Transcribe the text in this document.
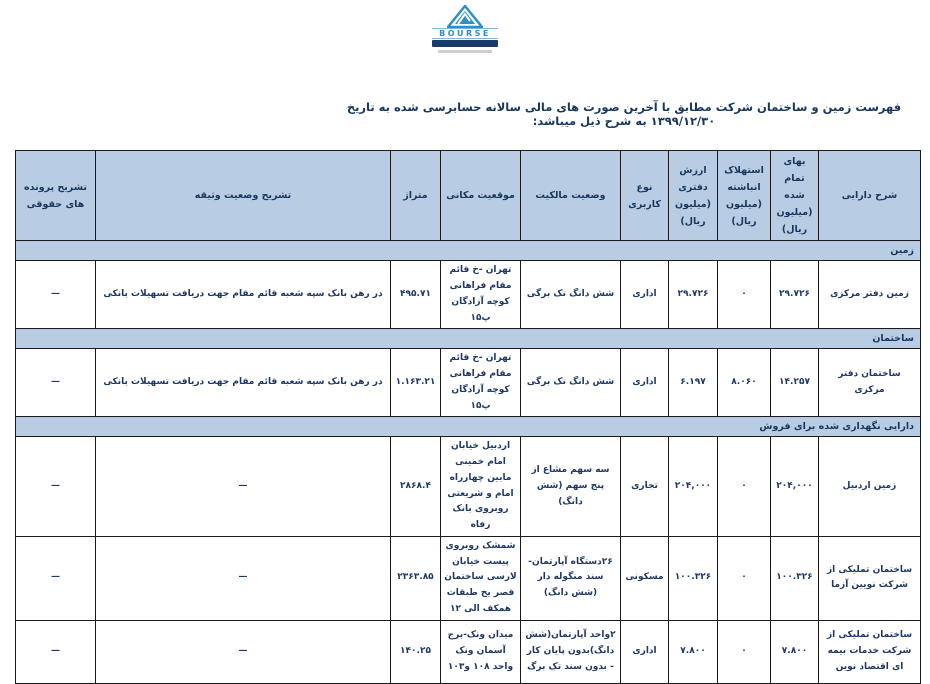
BOURSE
فهرست زمین و ساختمان شرکت مطابق با آخرین صورت های مالی سالانه حسابرسی شده به تاریخ ۱۳۹۹/۱۲/۳۰ به شرح ذیل میباشد:
شرح دارایی	بهای تمام شده (میلیون ریال)	استهلاک انباشته (میلیون ریال)	ارزش دفتری (میلیون ریال)	نوع کاربری	وضعیت مالکیت	موقعیت مکانی	متراژ	تشریح وضعیت وثیقه	تشریح پرونده های حقوقی
زمین									
زمین دفتر مرکزی	۲۹.۷۲۶	۰	۲۹.۷۲۶	اداری	شش دانگ تک برگی	تهران -خ قائم مقام فراهانی کوچه آزادگان پ۱۵	۴۹۵.۷۱	در رهن بانک سپه شعبه قائم مقام جهت دریافت تسهیلات بانکی	—
ساختمان									
ساختمان دفتر مرکزی	۱۴.۲۵۷	۸.۰۶۰	۶.۱۹۷	اداری	شش دانگ تک برگی	تهران -خ قائم مقام فراهانی کوچه آزادگان پ۱۵	۱.۱۶۳.۲۱	در رهن بانک سپه شعبه قائم مقام جهت دریافت تسهیلات بانکی	—
دارایی نگهداری شده برای فروش									
زمین اردبیل	۲۰۴,۰۰۰	۰	۲۰۴,۰۰۰	تجاری	سه سهم مشاع از پنج سهم (شش دانگ)	اردبیل خیابان امام خمینی مابین چهارراه امام و شریعتی روبروی بانک رفاه	۲۸۶۸.۴	—	—
ساختمان تملیکی از شرکت نویین آزما	۱۰۰.۳۲۶	۰	۱۰۰.۳۲۶	مسکونی	۲۶دستگاه آپارتمان-سند منگوله دار (شش دانگ)	شمشک روبروی پیست خیابان لارسی ساختمان قصر یخ طبقات همکف الی ۱۲	۲۳۶۳.۸۵	—	—
ساختمان تملیکی از شرکت خدمات بیمه ای اقتصاد نوین	۷.۸۰۰	۰	۷.۸۰۰	اداری	۲واحد آپارتمان(شش دانگ)بدون پایان کار - بدون سند تک برگ	میدان ونک-برج آسمان ونک واحد ۱۰۸ و۱۰۳	۱۴۰.۲۵	—	—
